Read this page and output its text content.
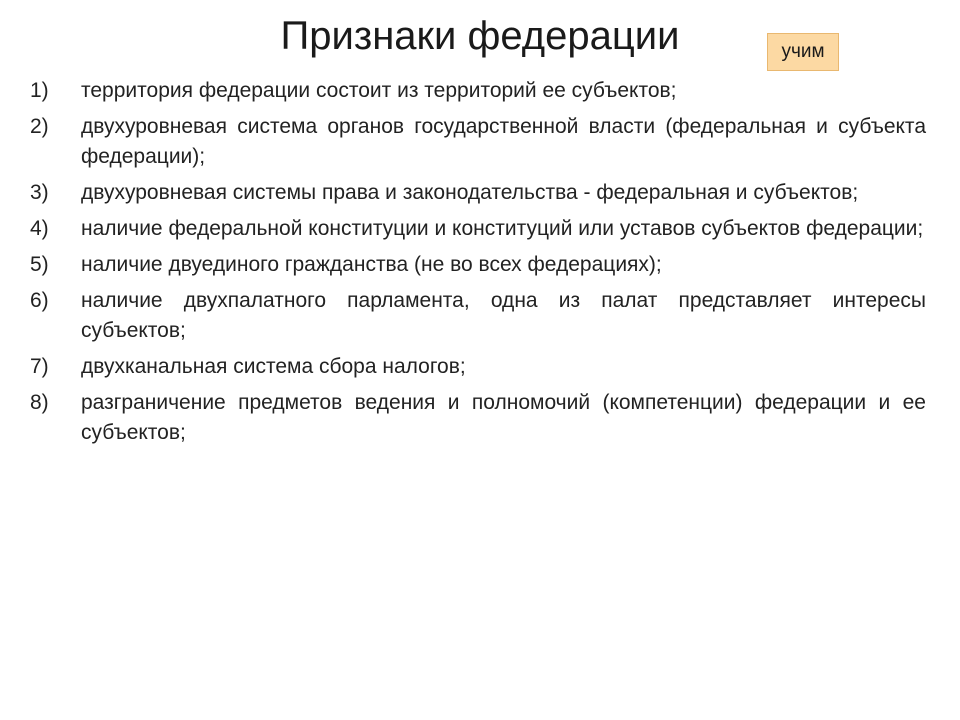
Признаки федерации	учим
1)	территория федерации состоит из территорий ее субъектов;
2)	двухуровневая система органов государственной власти (федеральная и субъекта федерации);
3)	двухуровневая системы права и законодательства - федеральная и субъектов;
4)	наличие федеральной конституции и конституций или уставов субъектов федерации;
5)	наличие двуединого гражданства (не во всех федерациях);
6)	наличие двухпалатного парламента, одна из палат представляет интересы субъектов;
7)	двухканальная система сбора налогов;
8)	разграничение предметов ведения и полномочий (компетенции) федерации и ее субъектов;
